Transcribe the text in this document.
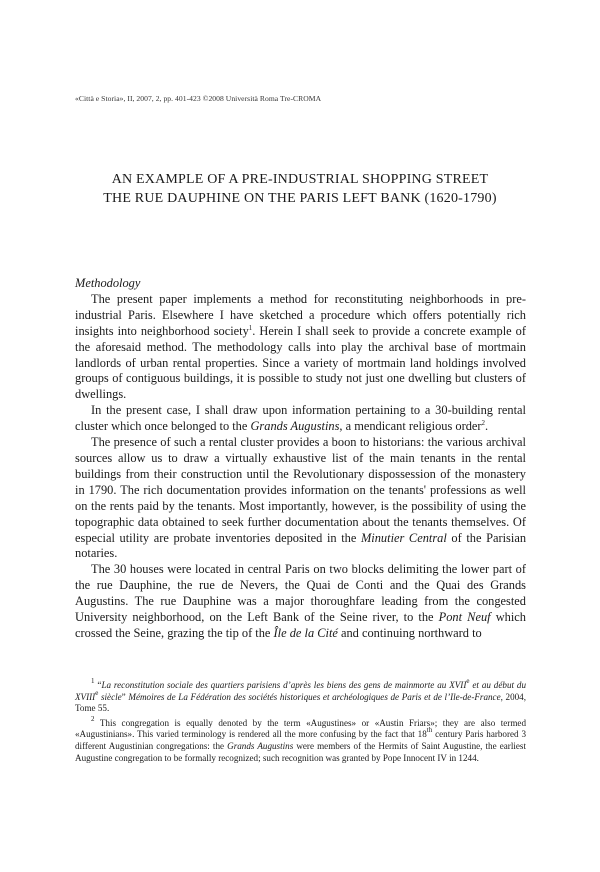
«Città e Storia», II, 2007, 2, pp. 401-423 ©2008 Università Roma Tre-CROMA
AN EXAMPLE OF A PRE-INDUSTRIAL SHOPPING STREET
THE RUE DAUPHINE ON THE PARIS LEFT BANK (1620-1790)

Methodology

The present paper implements a method for reconstituting neighborhoods in pre-industrial Paris. Elsewhere I have sketched a procedure which offers potentially rich insights into neighborhood society$^1$. Herein I shall seek to provide a concrete example of the aforesaid method. The methodology calls into play the archival base of mortmain landlords of urban rental properties. Since a variety of mortmain land holdings involved groups of contiguous buildings, it is possible to study not just one dwelling but clusters of dwellings.

In the present case, I shall draw upon information pertaining to a 30-building rental cluster which once belonged to the Grands Augustins, a mendicant religious order$^2$.

The presence of such a rental cluster provides a boon to historians: the various archival sources allow us to draw a virtually exhaustive list of the main tenants in the rental buildings from their construction until the Revolutionary dispossession of the monastery in 1790. The rich documentation provides information on the tenants' professions as well on the rents paid by the tenants. Most importantly, however, is the possibility of using the topographic data obtained to seek further documentation about the tenants themselves. Of especial utility are probate inventories deposited in the Minutier Central of the Parisian notaries.

The 30 houses were located in central Paris on two blocks delimiting the lower part of the rue Dauphine, the rue de Nevers, the Quai de Conti and the Quai des Grands Augustins. The rue Dauphine was a major thoroughfare leading from the congested University neighborhood, on the Left Bank of the Seine river, to the Pont Neuf which crossed the Seine, grazing the tip of the Île de la Cité and continuing northward to

$^1$ “La reconstitution sociale des quartiers parisiens d’après les biens des gens de mainmorte au XVIIe et au début du XVIIIe siècle” Mémoires de La Fédération des sociétés historiques et archéologiques de Paris et de l’Ile-de-France, 2004, Tome 55.

$^2$ This congregation is equally denoted by the term «Augustines» or «Austin Friars»; they are also termed «Augustinians». This varied terminology is rendered all the more confusing by the fact that 18th century Paris harbored 3 different Augustinian congregations: the Grands Augustins were members of the Hermits of Saint Augustine, the earliest Augustine congregation to be formally recognized; such recognition was granted by Pope Innocent IV in 1244.
